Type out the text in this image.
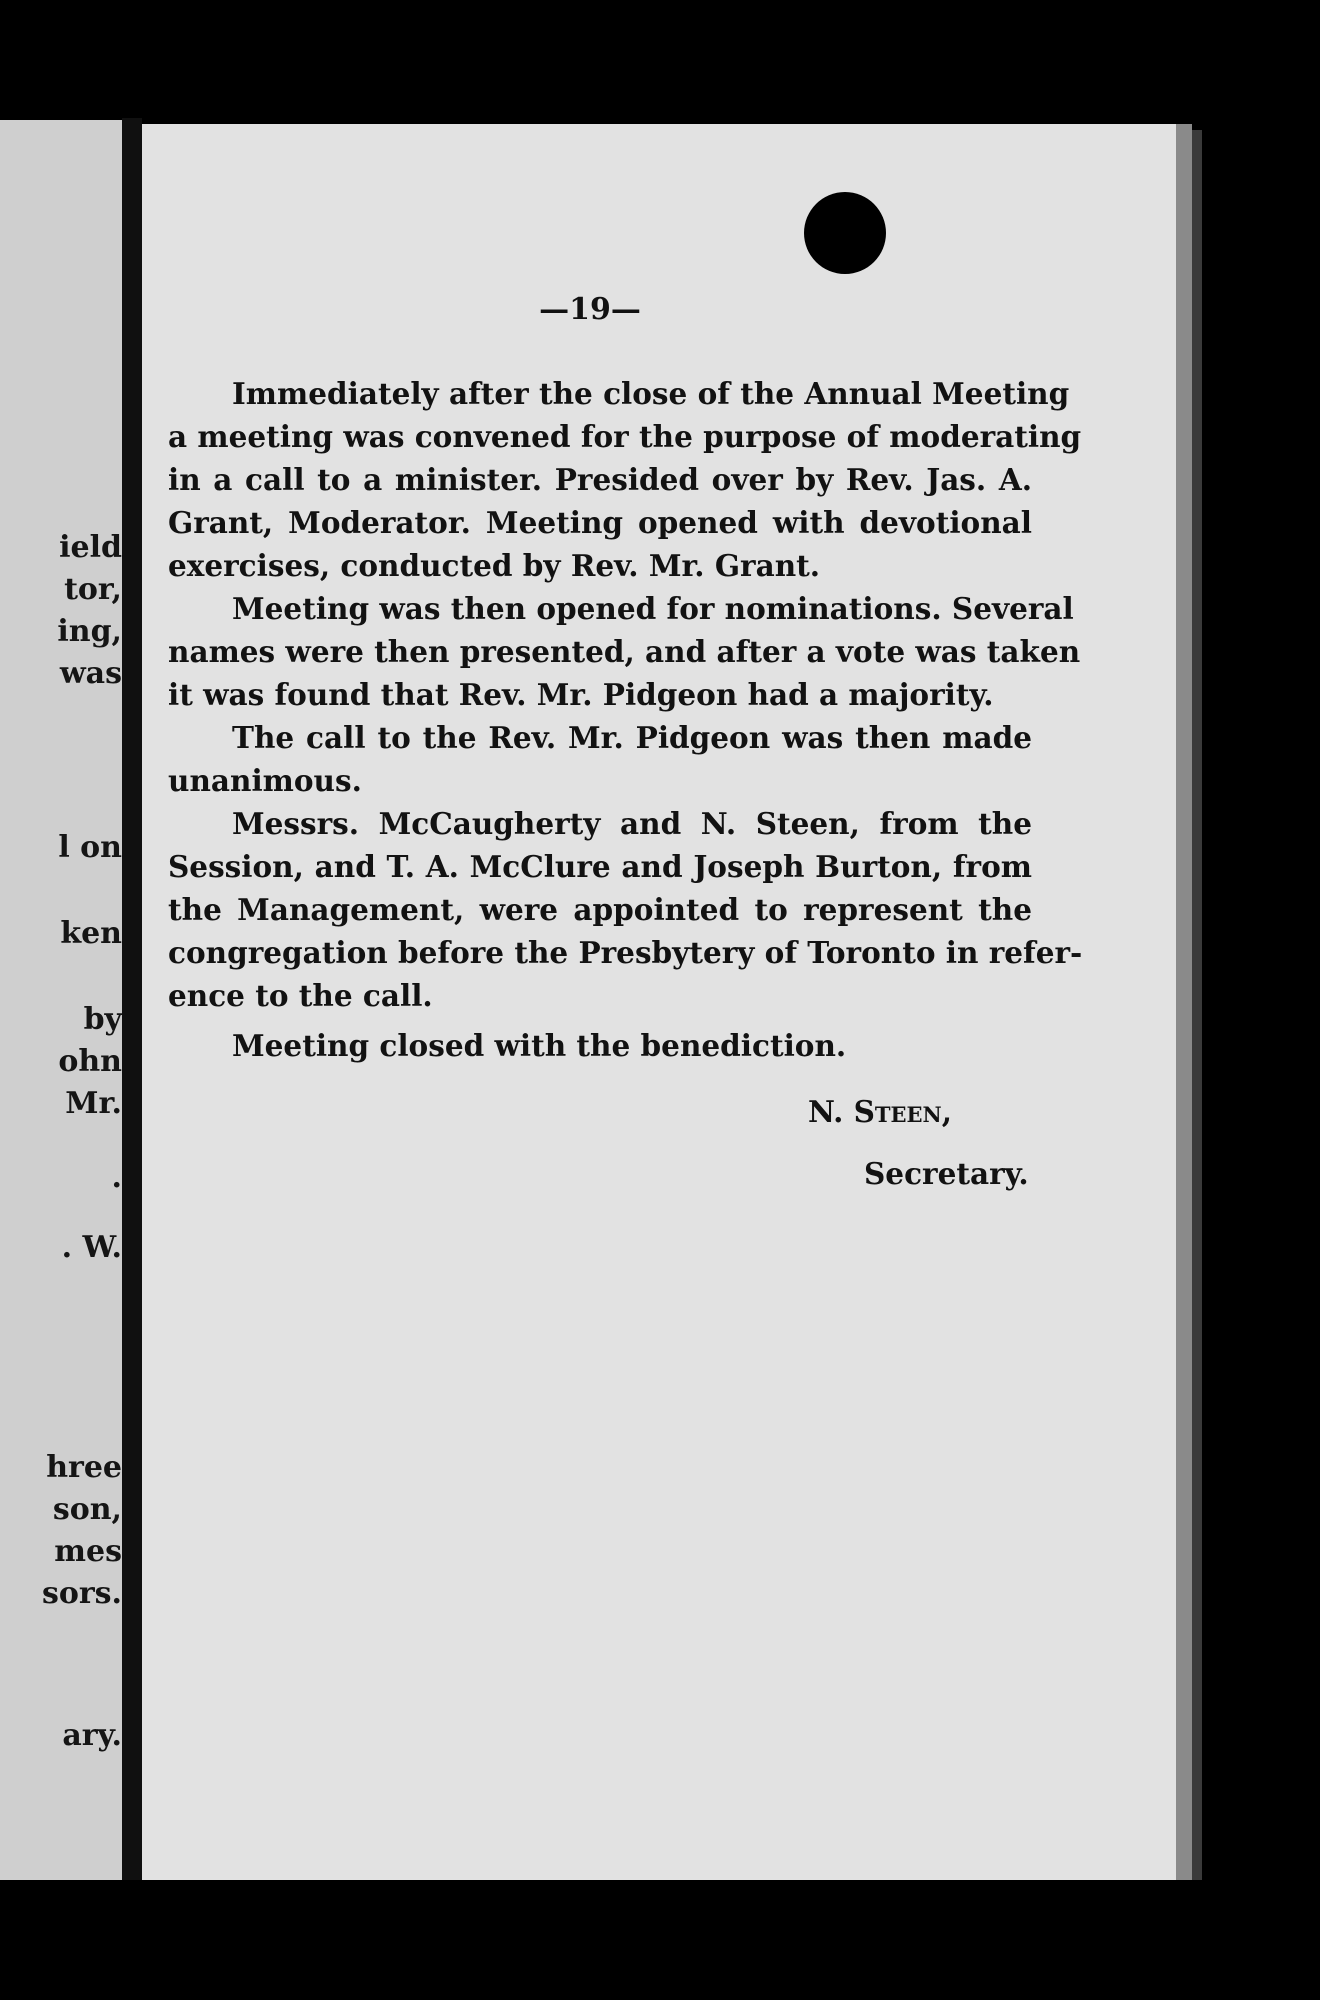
ield
tor,
ing,
was
l on
ken
by
ohn
Mr.
.
. W.
hree
son,
mes
sors.
ary.
—19—
Immediately after the close of the Annual Meeting
a meeting was convened for the purpose of moderating
in a call to a minister. Presided over by Rev. Jas. A.
Grant, Moderator. Meeting opened with devotional
exercises, conducted by Rev. Mr. Grant.
Meeting was then opened for nominations. Several
names were then presented, and after a vote was taken
it was found that Rev. Mr. Pidgeon had a majority.
The call to the Rev. Mr. Pidgeon was then made
unanimous.
Messrs. McCaugherty and N. Steen, from the
Session, and T. A. McClure and Joseph Burton, from
the Management, were appointed to represent the
congregation before the Presbytery of Toronto in refer-
ence to the call.
Meeting closed with the benediction.
N. Steen,
Secretary.
